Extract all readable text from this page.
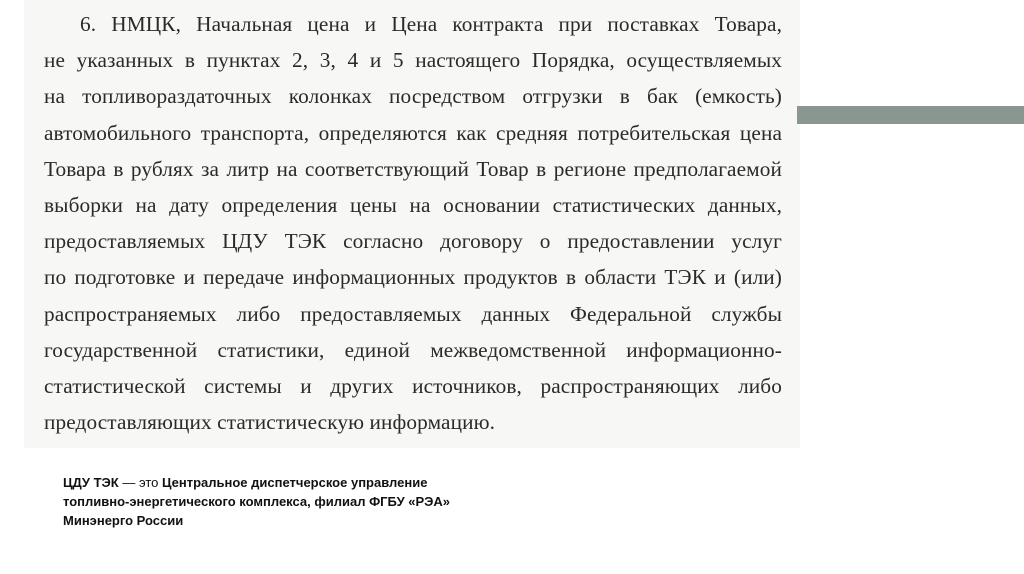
6. НМЦК, Начальная цена и Цена контракта при поставках Товара,
не указанных в пунктах 2, 3, 4 и 5 настоящего Порядка, осуществляемых
на топливораздаточных колонках посредством отгрузки в бак (емкость)
автомобильного транспорта, определяются как средняя потребительская цена
Товара в рублях за литр на соответствующий Товар в регионе предполагаемой
выборки на дату определения цены на основании статистических данных,
предоставляемых ЦДУ ТЭК согласно договору о предоставлении услуг
по подготовке и передаче информационных продуктов в области ТЭК и (или)
распространяемых либо предоставляемых данных Федеральной службы
государственной статистики, единой межведомственной информационно-
статистической системы и других источников, распространяющих либо
предоставляющих статистическую информацию.
ЦДУ ТЭК — это Центральное диспетчерское управление
топливно-энергетического комплекса, филиал ФГБУ «РЭА»
Минэнерго России
